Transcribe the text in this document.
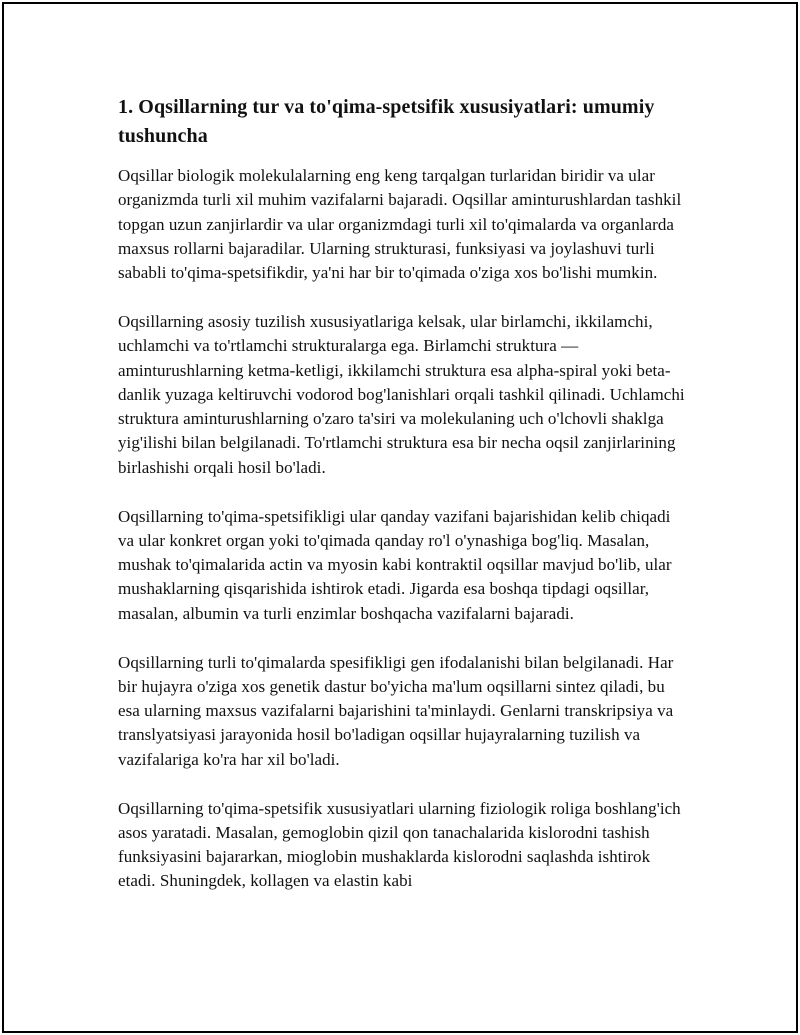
1. Oqsillarning tur va to'qima-spetsifik xususiyatlari: umumiy tushuncha

Oqsillar biologik molekulalarning eng keng tarqalgan turlaridan biridir va ular organizmda turli xil muhim vazifalarni bajaradi. Oqsillar aminturushlardan tashkil topgan uzun zanjirlardir va ular organizmdagi turli xil to'qimalarda va organlarda maxsus rollarni bajaradilar. Ularning strukturasi, funksiyasi va joylashuvi turli sababli to'qima-spetsifikdir, ya'ni har bir to'qimada o'ziga xos bo'lishi mumkin.

Oqsillarning asosiy tuzilish xususiyatlariga kelsak, ular birlamchi, ikkilamchi, uchlamchi va to'rtlamchi strukturalarga ega. Birlamchi struktura — aminturushlarning ketma-ketligi, ikkilamchi struktura esa alpha-spiral yoki beta-danlik yuzaga keltiruvchi vodorod bog'lanishlari orqali tashkil qilinadi. Uchlamchi struktura aminturushlarning o'zaro ta'siri va molekulaning uch o'lchovli shaklga yig'ilishi bilan belgilanadi. To'rtlamchi struktura esa bir necha oqsil zanjirlarining birlashishi orqali hosil bo'ladi.

Oqsillarning to'qima-spetsifikligi ular qanday vazifani bajarishidan kelib chiqadi va ular konkret organ yoki to'qimada qanday ro'l o'ynashiga bog'liq. Masalan, mushak to'qimalarida actin va myosin kabi kontraktil oqsillar mavjud bo'lib, ular mushaklarning qisqarishida ishtirok etadi. Jigarda esa boshqa tipdagi oqsillar, masalan, albumin va turli enzimlar boshqacha vazifalarni bajaradi.

Oqsillarning turli to'qimalarda spesifikligi gen ifodalanishi bilan belgilanadi. Har bir hujayra o'ziga xos genetik dastur bo'yicha ma'lum oqsillarni sintez qiladi, bu esa ularning maxsus vazifalarni bajarishini ta'minlaydi. Genlarni transkripsiya va translyatsiyasi jarayonida hosil bo'ladigan oqsillar hujayralarning tuzilish va vazifalariga ko'ra har xil bo'ladi.

Oqsillarning to'qima-spetsifik xususiyatlari ularning fiziologik roliga boshlang'ich asos yaratadi. Masalan, gemoglobin qizil qon tanachalarida kislorodni tashish funksiyasini bajararkan, mioglobin mushaklarda kislorodni saqlashda ishtirok etadi. Shuningdek, kollagen va elastin kabi
